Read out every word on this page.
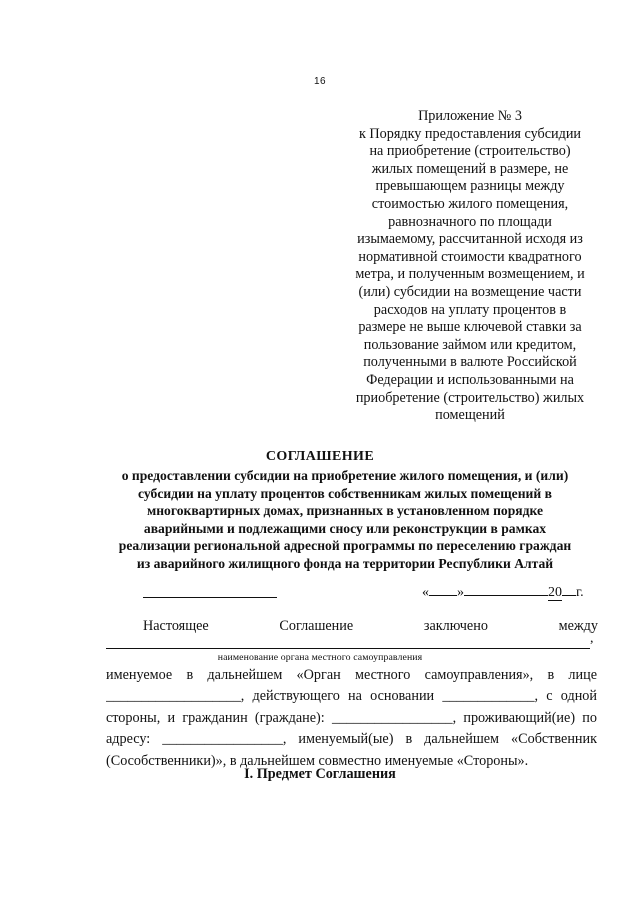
16
Приложение № 3
к Порядку предоставления субсидии
на приобретение (строительство)
жилых помещений в размере, не
превышающем разницы между
стоимостью жилого помещения,
равнозначного по площади
изымаемому, рассчитанной исходя из
нормативной стоимости квадратного
метра, и полученным возмещением, и
(или) субсидии на возмещение части
расходов на уплату процентов в
размере не выше ключевой ставки за
пользование займом или кредитом,
полученными в валюте Российской
Федерации и использованными на
приобретение (строительство) жилых
помещений
СОГЛАШЕНИЕ
о предоставлении субсидии на приобретение жилого помещения, и (или)
субсидии на уплату процентов собственникам жилых помещений в
многоквартирных домах, признанных в установленном порядке
аварийными и подлежащими сносу или реконструкции в рамках
реализации региональной адресной программы по переселению граждан
из аварийного жилищного фонда на территории Республики Алтай
« »	20 г.
Настоящее	Соглашение	заключено	между
,
наименование органа местного самоуправления
именуемое в дальнейшем «Орган местного самоуправления», в лице
___________________, действующего на основании _____________, с одной
стороны, и гражданин (граждане): _________________, проживающий(ие) по
адресу: _________________, именуемый(ые) в дальнейшем «Собственник
(Сособственники)», в дальнейшем совместно именуемые «Стороны».
I. Предмет Соглашения
